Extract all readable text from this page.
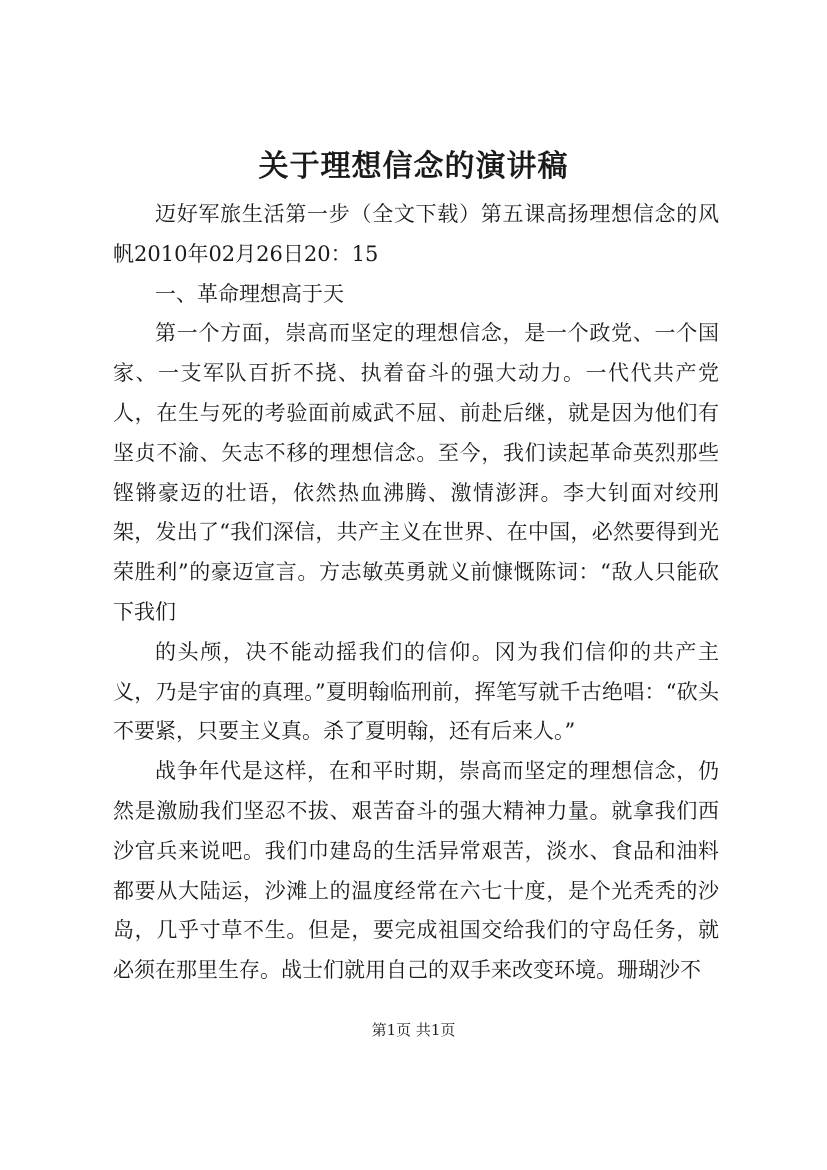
关于理想信念的演讲稿

迈好军旅生活第一步（全文下载）第五课高扬理想信念的风帆2010年02月26日20：15

一、革命理想高于天

第一个方面，崇高而坚定的理想信念，是一个政党、一个国家、一支军队百折不挠、执着奋斗的强大动力。一代代共产党人，在生与死的考验面前威武不屈、前赴后继，就是因为他们有坚贞不渝、矢志不移的理想信念。至今，我们读起革命英烈那些铿锵豪迈的壮语，依然热血沸腾、激情澎湃。李大钊面对绞刑架，发出了“我们深信，共产主义在世界、在中国，必然要得到光荣胜利”的豪迈宣言。方志敏英勇就义前慷慨陈词：“敌人只能砍下我们

的头颅，决不能动摇我们的信仰。冈为我们信仰的共产主义，乃是宇宙的真理。”夏明翰临刑前，挥笔写就千古绝唱：“砍头不要紧，只要主义真。杀了夏明翰，还有后来人。”

战争年代是这样，在和平时期，崇高而坚定的理想信念，仍然是激励我们坚忍不拔、艰苦奋斗的强大精神力量。就拿我们西沙官兵来说吧。我们巾建岛的生活异常艰苦，淡水、食品和油料都要从大陆运，沙滩上的温度经常在六七十度，是个光秃秃的沙岛，几乎寸草不生。但是，要完成祖国交给我们的守岛任务，就必须在那里生存。战士们就用自己的双手来改变环境。珊瑚沙不

第1页 共1页
